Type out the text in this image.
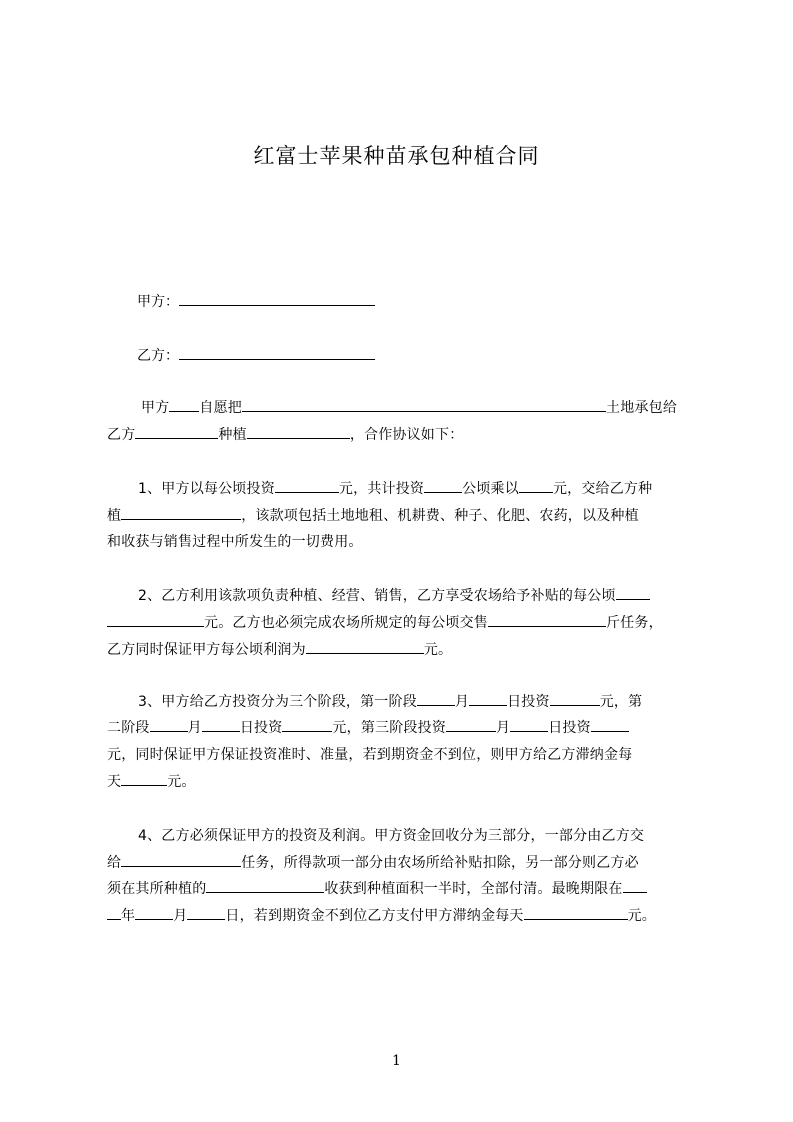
红富士苹果种苗承包种植合同
甲方：
乙方：
甲方 自愿把	土地承包给
乙方	种植	，合作协议如下：
1、甲方以每公顷投资	元，共计投资	公顷乘以 元，交给乙方种
植	，该款项包括土地地租、机耕费、种子、化肥、农药，以及种植
和收获与销售过程中所发生的一切费用。
2、乙方利用该款项负责种植、经营、销售，乙方享受农场给予补贴的每公顷
元。乙方也必须完成农场所规定的每公顷交售	斤任务，
乙方同时保证甲方每公顷利润为	元。
3、甲方给乙方投资分为三个阶段，第一阶段	月	日投资	元，第
二阶段	月	日投资	元，第三阶段投资	月	日投资
元，同时保证甲方保证投资准时、准量，若到期资金不到位，则甲方给乙方滞纳金每
天	元。
4、乙方必须保证甲方的投资及利润。甲方资金回收分为三部分，一部分由乙方交
给	任务，所得款项一部分由农场所给补贴扣除，另一部分则乙方必
须在其所种植的	收获到种植面积一半时，全部付清。最晚期限在
年	月	日，若到期资金不到位乙方支付甲方滞纳金每天	元。
1
